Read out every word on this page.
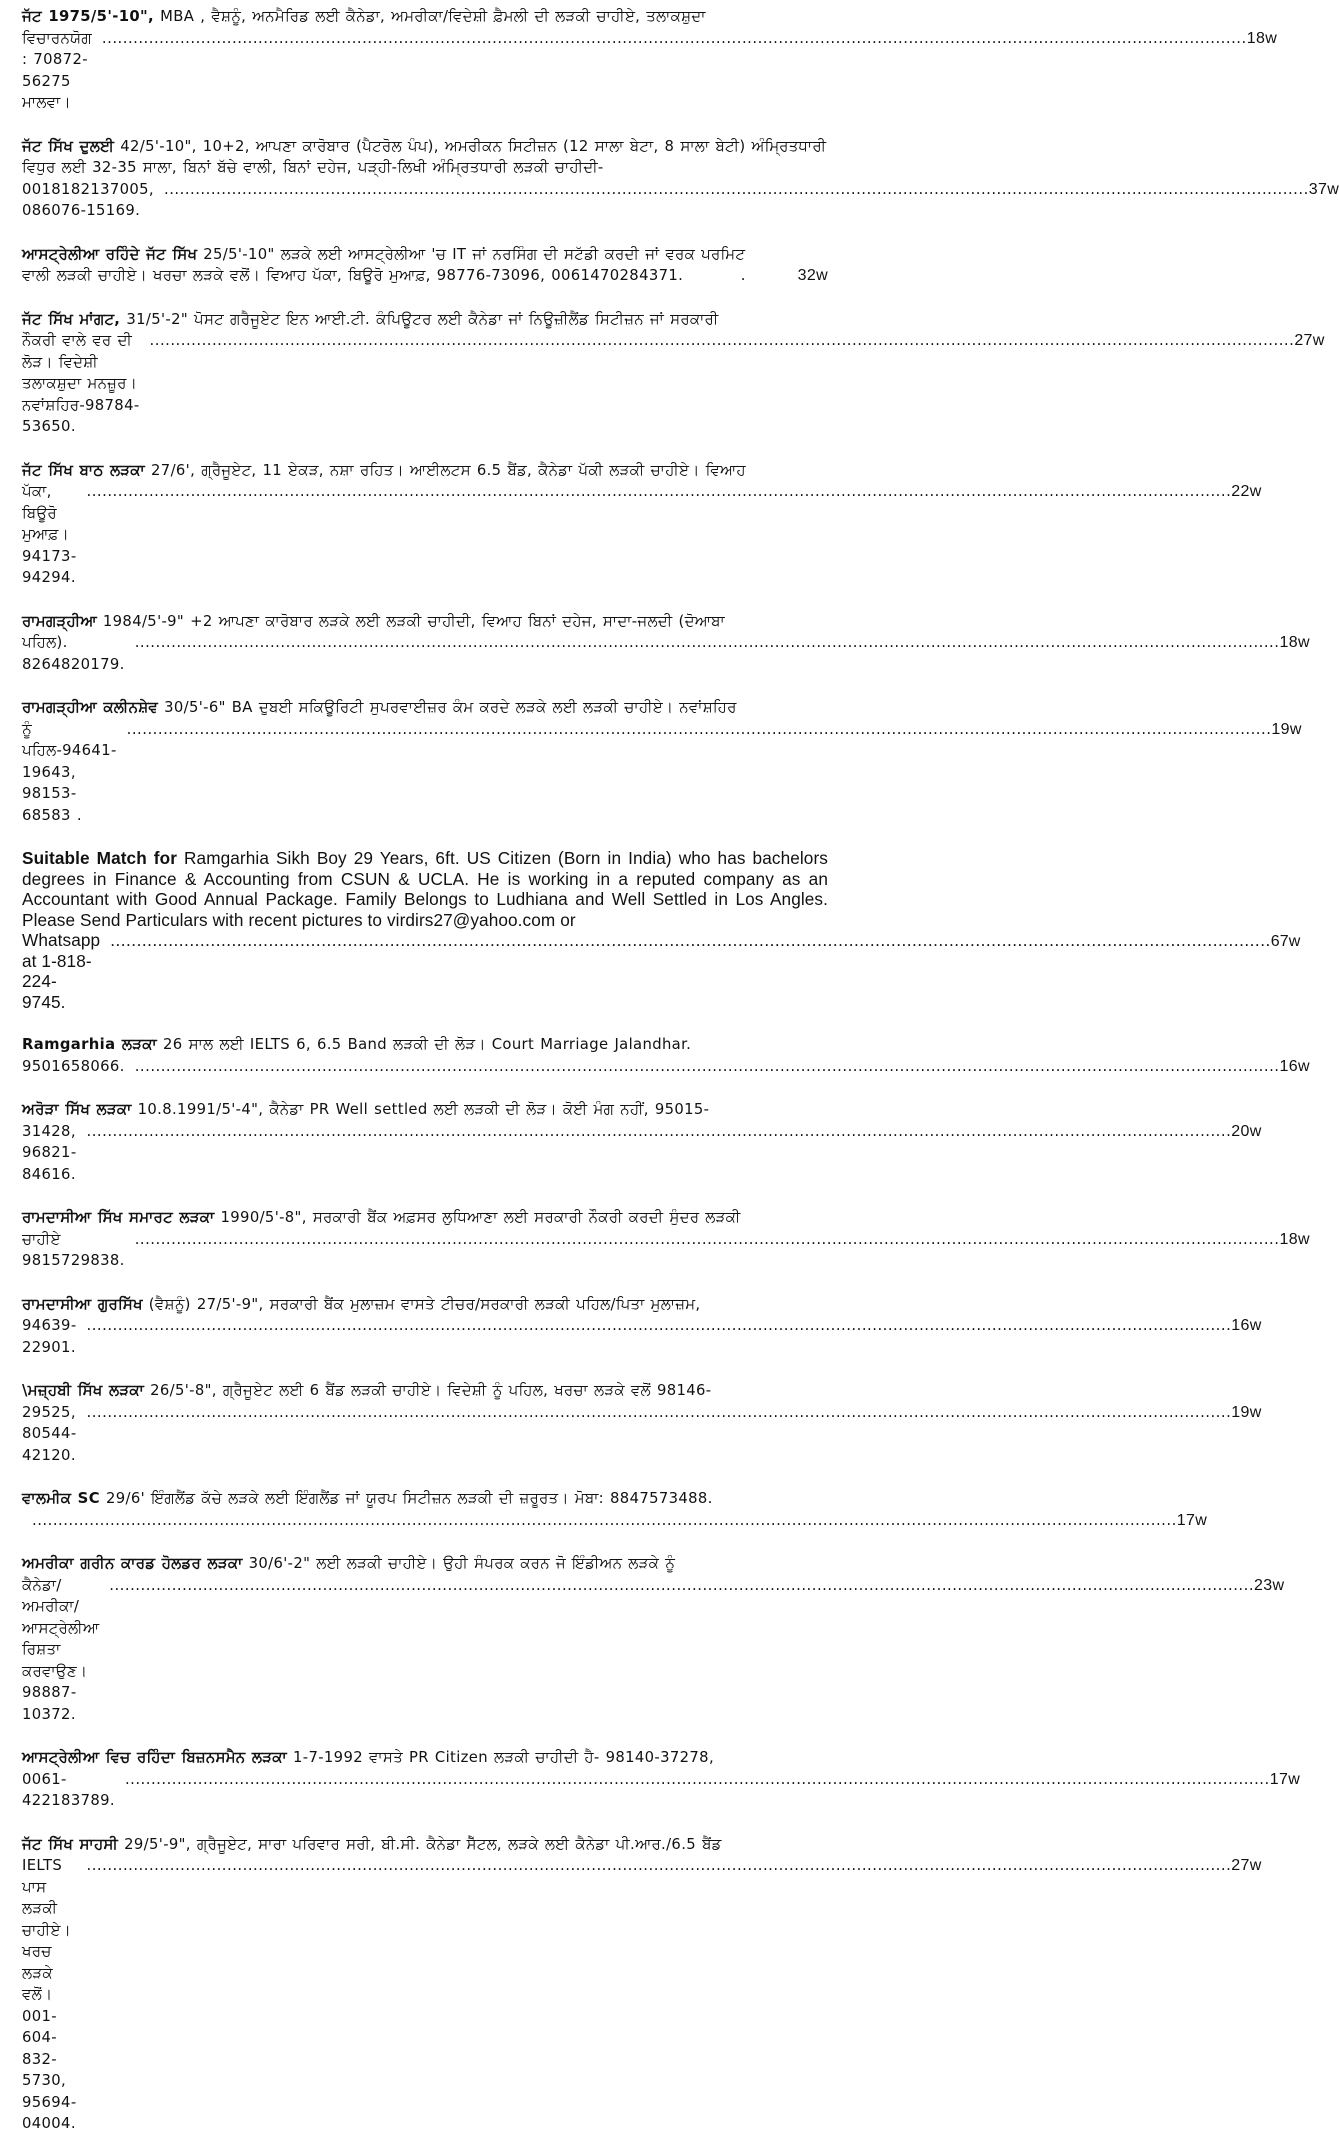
ਜੱਟ 1975/5'-10", MBA , ਵੈਸ਼ਨੂੰ, ਅਨਮੈਰਿਡ ਲਈ ਕੈਨੇਡਾ, ਅਮਰੀਕਾ/ਵਿਦੇਸ਼ੀ ਫ਼ੈਮਲੀ ਦੀ ਲੜਕੀ ਚਾਹੀਏ, ਤਲਾਕਸ਼ੁਦਾ
ਵਿਚਾਰਨਯੋਗ : 70872-56275 ਮਾਲਵਾ।
............................................................................................................................................................................................................................ 18w
ਜੱਟ ਸਿੱਖ ਦੁਲਈ 42/5'-10", 10+2, ਆਪਣਾ ਕਾਰੋਬਾਰ (ਪੈਟਰੋਲ ਪੰਪ), ਅਮਰੀਕਨ ਸਿਟੀਜ਼ਨ (12 ਸਾਲਾ ਬੇਟਾ, 8 ਸਾਲਾ ਬੇਟੀ) ਅੰਮ੍ਰਿਤਧਾਰੀ ਵਿਧੁਰ ਲਈ 32-35 ਸਾਲਾ, ਬਿਨਾਂ ਬੱਚੇ ਵਾਲੀ, ਬਿਨਾਂ ਦਹੇਜ, ਪੜ੍ਹੀ-ਲਿਖੀ ਅੰਮ੍ਰਿਤਧਾਰੀ ਲੜਕੀ ਚਾਹੀਦੀ-
0018182137005, 086076-15169.
............................................................................................................................................................................................................................ 37w
ਆਸਟ੍ਰੇਲੀਆ ਰਹਿੰਦੇ ਜੱਟ ਸਿੱਖ 25/5'-10" ਲੜਕੇ ਲਈ ਆਸਟ੍ਰੇਲੀਆ 'ਚ IT ਜਾਂ ਨਰਸਿੰਗ ਦੀ ਸਟੱਡੀ ਕਰਦੀ ਜਾਂ ਵਰਕ ਪਰਮਿਟ
ਵਾਲੀ ਲੜਕੀ ਚਾਹੀਏ। ਖਰਚਾ ਲੜਕੇ ਵਲੋਂ। ਵਿਆਹ ਪੱਕਾ, ਬਿਊਰੋ ਮੁਆਫ਼, 98776-73096, 0061470284371.	.	32w
ਜੱਟ ਸਿੱਖ ਮਾਂਗਟ, 31/5'-2" ਪੋਸਟ ਗਰੈਜੂਏਟ ਇਨ ਆਈ.ਟੀ. ਕੰਪਿਊਟਰ ਲਈ ਕੈਨੇਡਾ ਜਾਂ ਨਿਊਜ਼ੀਲੈਂਡ ਸਿਟੀਜ਼ਨ ਜਾਂ ਸਰਕਾਰੀ
ਨੌਕਰੀ ਵਾਲੇ ਵਰ ਦੀ ਲੋੜ। ਵਿਦੇਸ਼ੀ ਤਲਾਕਸ਼ੁਦਾ ਮਨਜ਼ੂਰ। ਨਵਾਂਸ਼ਹਿਰ-98784-53650.
............................................................................................................................................................................................................................ 27w
ਜੱਟ ਸਿੱਖ ਬਾਠ ਲੜਕਾ 27/6', ਗ੍ਰੈਜੂਏਟ, 11 ਏਕੜ, ਨਸ਼ਾ ਰਹਿਤ। ਆਈਲਟਸ 6.5 ਬੈਂਡ, ਕੈਨੇਡਾ ਪੱਕੀ ਲੜਕੀ ਚਾਹੀਏ। ਵਿਆਹ
ਪੱਕਾ, ਬਿਊਰੋ ਮੁਆਫ਼। 94173-94294.
............................................................................................................................................................................................................................ 22w
ਰਾਮਗੜ੍ਹੀਆ 1984/5'-9" +2 ਆਪਣਾ ਕਾਰੋਬਾਰ ਲੜਕੇ ਲਈ ਲੜਕੀ ਚਾਹੀਦੀ, ਵਿਆਹ ਬਿਨਾਂ ਦਹੇਜ, ਸਾਦਾ-ਜਲਦੀ (ਦੋਆਬਾ
ਪਹਿਲ). 8264820179.
............................................................................................................................................................................................................................ 18w
ਰਾਮਗੜ੍ਹੀਆ ਕਲੀਨਸ਼ੇਵ 30/5'-6" BA ਦੁਬਈ ਸਕਿਊਰਿਟੀ ਸੁਪਰਵਾਈਜ਼ਰ ਕੰਮ ਕਰਦੇ ਲੜਕੇ ਲਈ ਲੜਕੀ ਚਾਹੀਏ। ਨਵਾਂਸ਼ਹਿਰ
ਨੂੰ ਪਹਿਲ-94641-19643, 98153-68583 .
............................................................................................................................................................................................................................ 19w
Suitable Match for Ramgarhia Sikh Boy 29 Years, 6ft. US Citizen (Born in India) who has bachelors degrees in Finance & Accounting from CSUN & UCLA. He is working in a reputed company as an Accountant with Good Annual Package. Family Belongs to Ludhiana and Well Settled in Los Angles. Please Send Particulars with recent pictures to virdirs27@yahoo.com or
Whatsapp at 1-818-224-9745.
............................................................................................................................................................................................................................ 67w
Ramgarhia ਲੜਕਾ 26 ਸਾਲ ਲਈ IELTS 6, 6.5 Band ਲੜਕੀ ਦੀ ਲੋੜ। Court Marriage Jalandhar.
9501658066. ............................................................................................................................................................................................................................ 16w
ਅਰੋੜਾ ਸਿੱਖ ਲੜਕਾ 10.8.1991/5'-4", ਕੈਨੇਡਾ PR Well settled ਲਈ ਲੜਕੀ ਦੀ ਲੋੜ। ਕੋਈ ਮੰਗ ਨਹੀਂ, 95015-
31428, 96821-84616.
............................................................................................................................................................................................................................ 20w
ਰਾਮਦਾਸੀਆ ਸਿੱਖ ਸਮਾਰਟ ਲੜਕਾ 1990/5'-8", ਸਰਕਾਰੀ ਬੈਂਕ ਅਫ਼ਸਰ ਲੁਧਿਆਣਾ ਲਈ ਸਰਕਾਰੀ ਨੌਕਰੀ ਕਰਦੀ ਸੁੰਦਰ ਲੜਕੀ
ਚਾਹੀਏ 9815729838.
............................................................................................................................................................................................................................ 18w
ਰਾਮਦਾਸੀਆ ਗੁਰਸਿੱਖ (ਵੈਸ਼ਨੂੰ) 27/5'-9", ਸਰਕਾਰੀ ਬੈਂਕ ਮੁਲਾਜ਼ਮ ਵਾਸਤੇ ਟੀਚਰ/ਸਰਕਾਰੀ ਲੜਕੀ ਪਹਿਲ/ਪਿਤਾ ਮੁਲਾਜ਼ਮ,
94639-22901.
............................................................................................................................................................................................................................ 16w
\ਮਜ਼੍ਹਬੀ ਸਿੱਖ ਲੜਕਾ 26/5'-8", ਗ੍ਰੈਜੂਏਟ ਲਈ 6 ਬੈਂਡ ਲੜਕੀ ਚਾਹੀਏ। ਵਿਦੇਸ਼ੀ ਨੂੰ ਪਹਿਲ, ਖਰਚਾ ਲੜਕੇ ਵਲੋਂ 98146-
29525, 80544-42120.
............................................................................................................................................................................................................................ 19w
ਵਾਲਮੀਕ SC 29/6' ਇੰਗਲੈਂਡ ਕੱਚੇ ਲੜਕੇ ਲਈ ਇੰਗਲੈਂਡ ਜਾਂ ਯੂਰਪ ਸਿਟੀਜ਼ਨ ਲੜਕੀ ਦੀ ਜ਼ਰੂਰਤ। ਮੋਬਾ: 8847573488.
............................................................................................................................................................................................................................ 17w
ਅਮਰੀਕਾ ਗਰੀਨ ਕਾਰਡ ਹੋਲਡਰ ਲੜਕਾ 30/6'-2" ਲਈ ਲੜਕੀ ਚਾਹੀਏ। ਉਹੀ ਸੰਪਰਕ ਕਰਨ ਜੋ ਇੰਡੀਅਨ ਲੜਕੇ ਨੂੰ
ਕੈਨੇਡਾ/ਅਮਰੀਕਾ/ਆਸਟ੍ਰੇਲੀਆ ਰਿਸ਼ਤਾ ਕਰਵਾਉਣ। 98887-10372.
............................................................................................................................................................................................................................ 23w
ਆਸਟ੍ਰੇਲੀਆ ਵਿਚ ਰਹਿੰਦਾ ਬਿਜ਼ਨਸਮੈਨ ਲੜਕਾ 1-7-1992 ਵਾਸਤੇ PR Citizen ਲੜਕੀ ਚਾਹੀਦੀ ਹੈ- 98140-37278,
0061-422183789.
............................................................................................................................................................................................................................ 17w
ਜੱਟ ਸਿੱਖ ਸਾਹਸੀ 29/5'-9", ਗ੍ਰੈਜੂਏਟ, ਸਾਰਾ ਪਰਿਵਾਰ ਸਰੀ, ਬੀ.ਸੀ. ਕੈਨੇਡਾ ਸੈੱਟਲ, ਲੜਕੇ ਲਈ ਕੈਨੇਡਾ ਪੀ.ਆਰ./6.5 ਬੈਂਡ
IELTS ਪਾਸ ਲੜਕੀ ਚਾਹੀਏ। ਖਰਚ ਲੜਕੇ ਵਲੋਂ। 001-604-832-5730, 95694-04004.
............................................................................................................................................................................................................................ 27w
